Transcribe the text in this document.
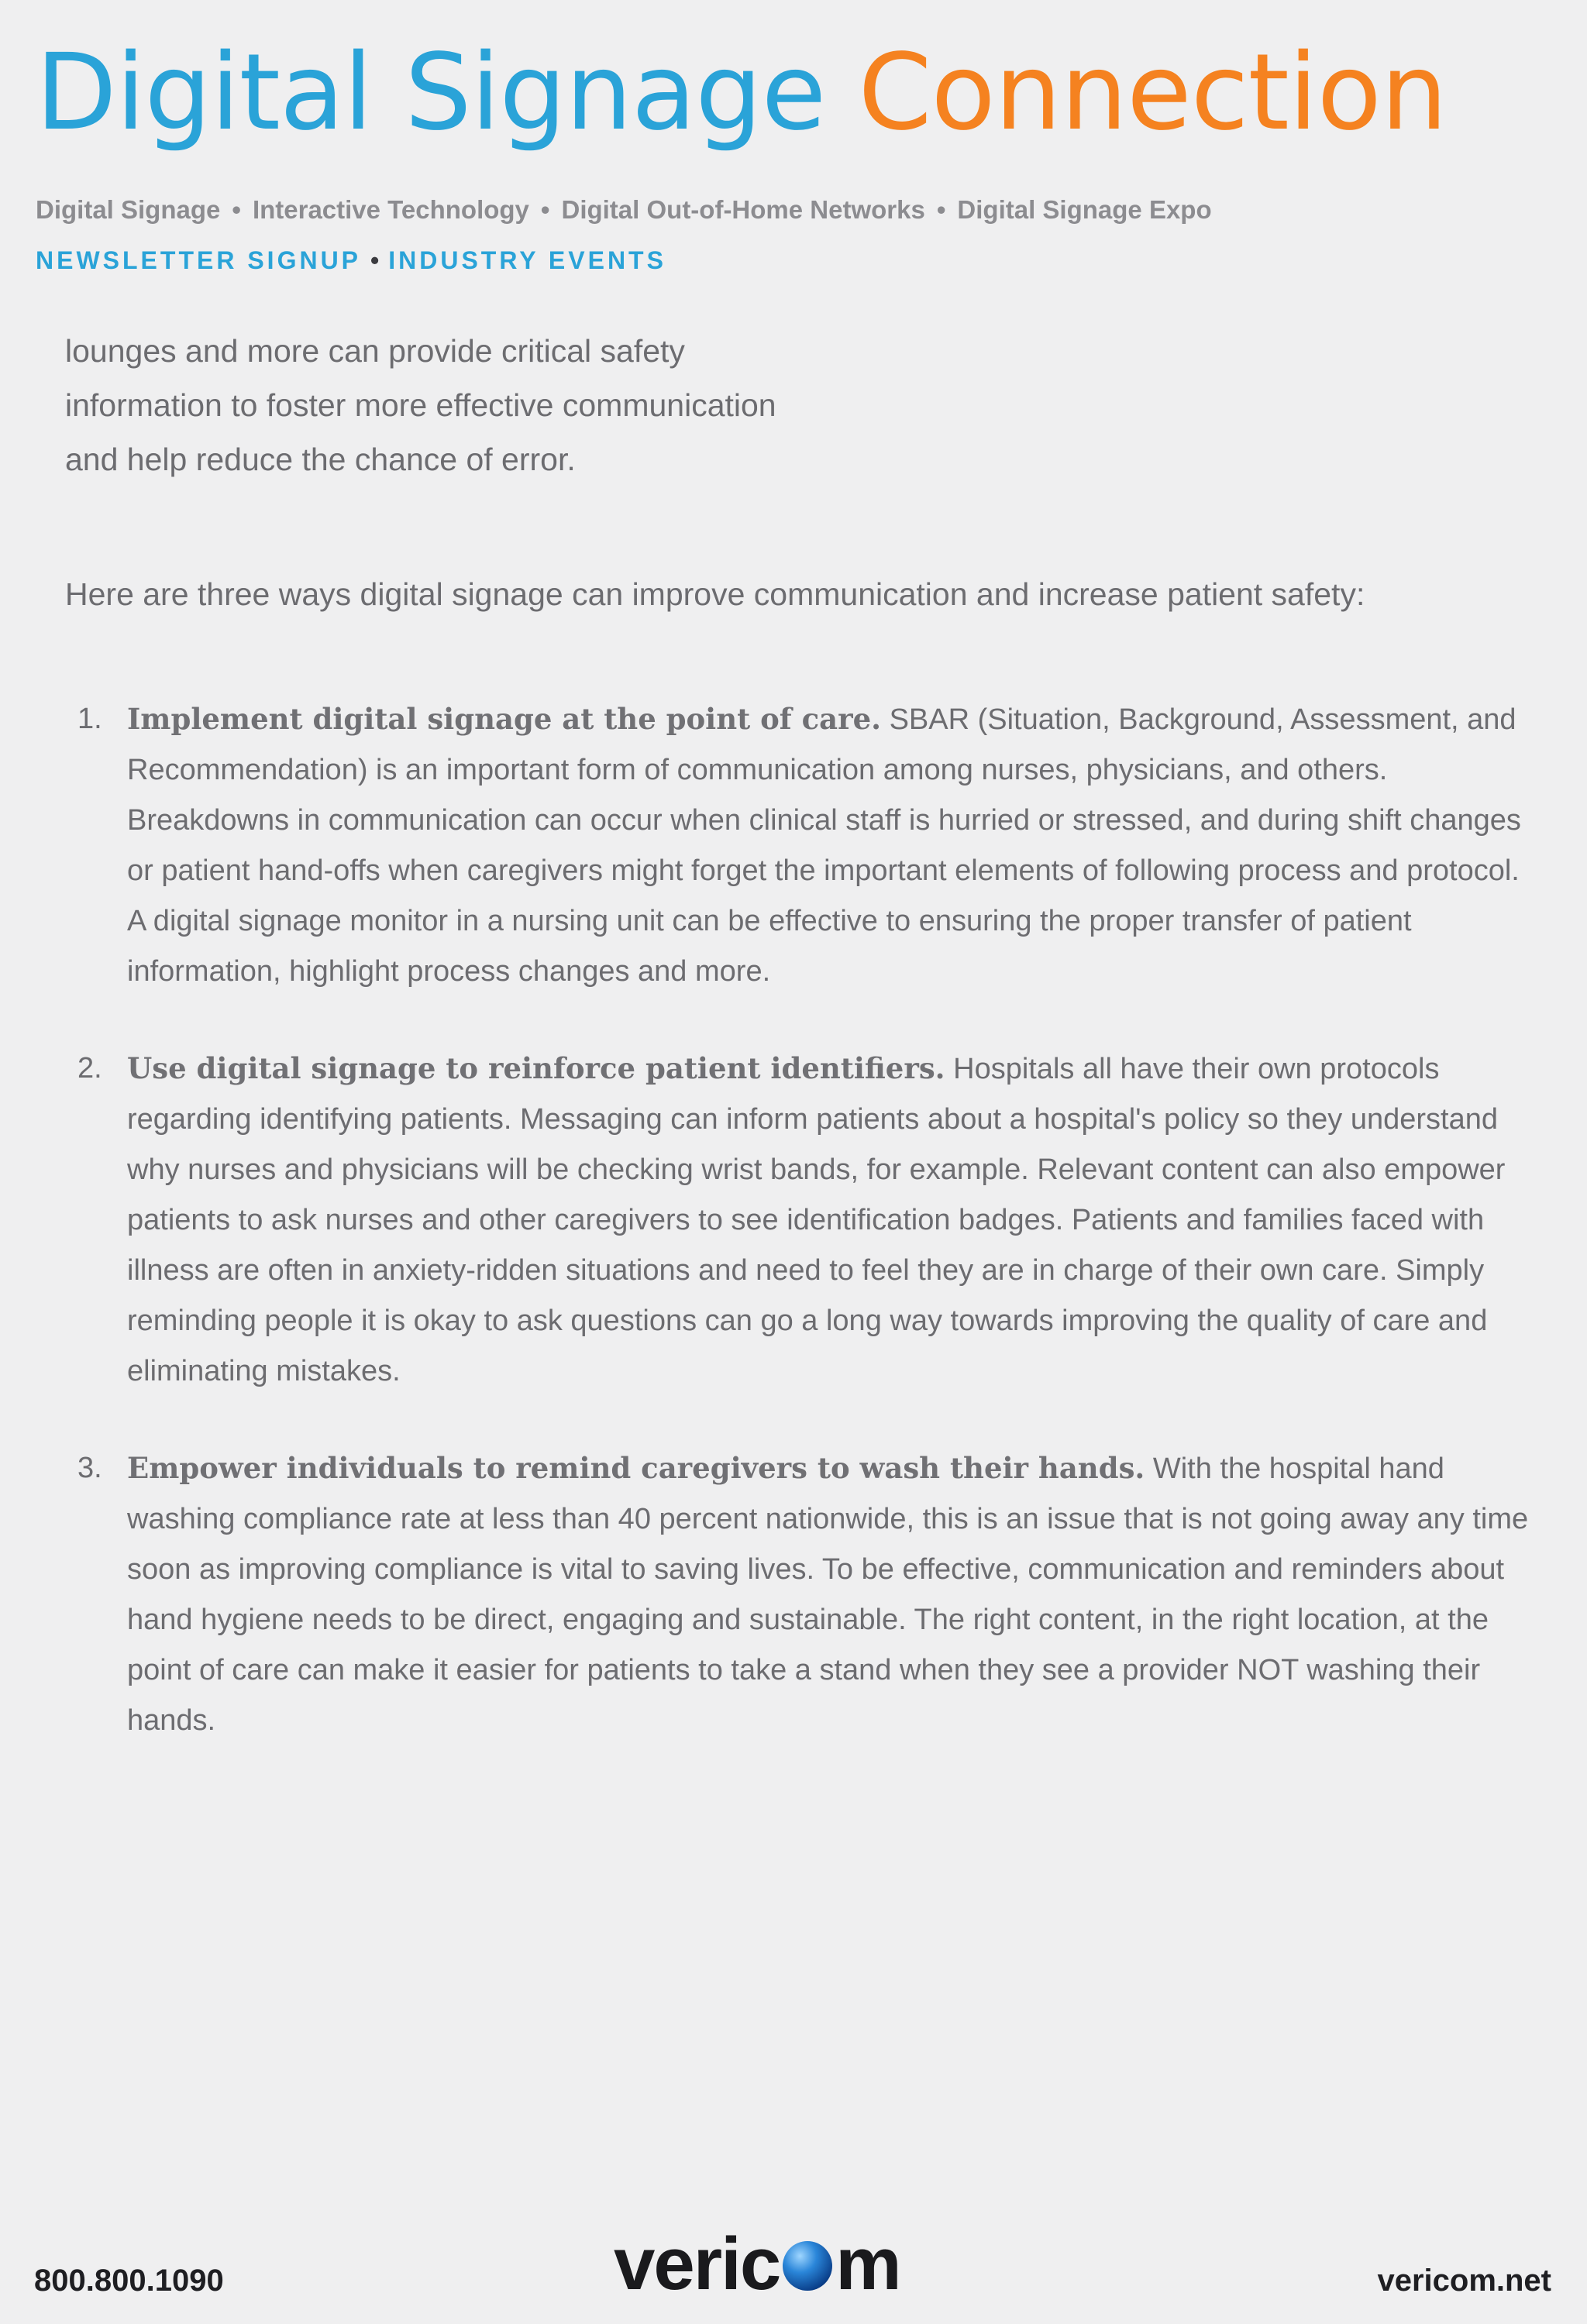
Digital Signage Connection
Digital Signage • Interactive Technology • Digital Out-of-Home Networks • Digital Signage Expo
NEWSLETTER SIGNUP • INDUSTRY EVENTS

lounges and more can provide critical safety information to foster more effective communication and help reduce the chance of error.

Here are three ways digital signage can improve communication and increase patient safety:

1. Implement digital signage at the point of care. SBAR (Situation, Background, Assessment, and Recommendation) is an important form of communication among nurses, physicians, and others. Breakdowns in communication can occur when clinical staff is hurried or stressed, and during shift changes or patient hand-offs when caregivers might forget the important elements of following process and protocol. A digital signage monitor in a nursing unit can be effective to ensuring the proper transfer of patient information, highlight process changes and more.
2. Use digital signage to reinforce patient identifiers. Hospitals all have their own protocols regarding identifying patients. Messaging can inform patients about a hospital's policy so they understand why nurses and physicians will be checking wrist bands, for example. Relevant content can also empower patients to ask nurses and other caregivers to see identification badges. Patients and families faced with illness are often in anxiety-ridden situations and need to feel they are in charge of their own care. Simply reminding people it is okay to ask questions can go a long way towards improving the quality of care and eliminating mistakes.
3. Empower individuals to remind caregivers to wash their hands. With the hospital hand washing compliance rate at less than 40 percent nationwide, this is an issue that is not going away any time soon as improving compliance is vital to saving lives. To be effective, communication and reminders about hand hygiene needs to be direct, engaging and sustainable. The right content, in the right location, at the point of care can make it easier for patients to take a stand when they see a provider NOT washing their hands.
800.800.1090	veric m	vericom.net
